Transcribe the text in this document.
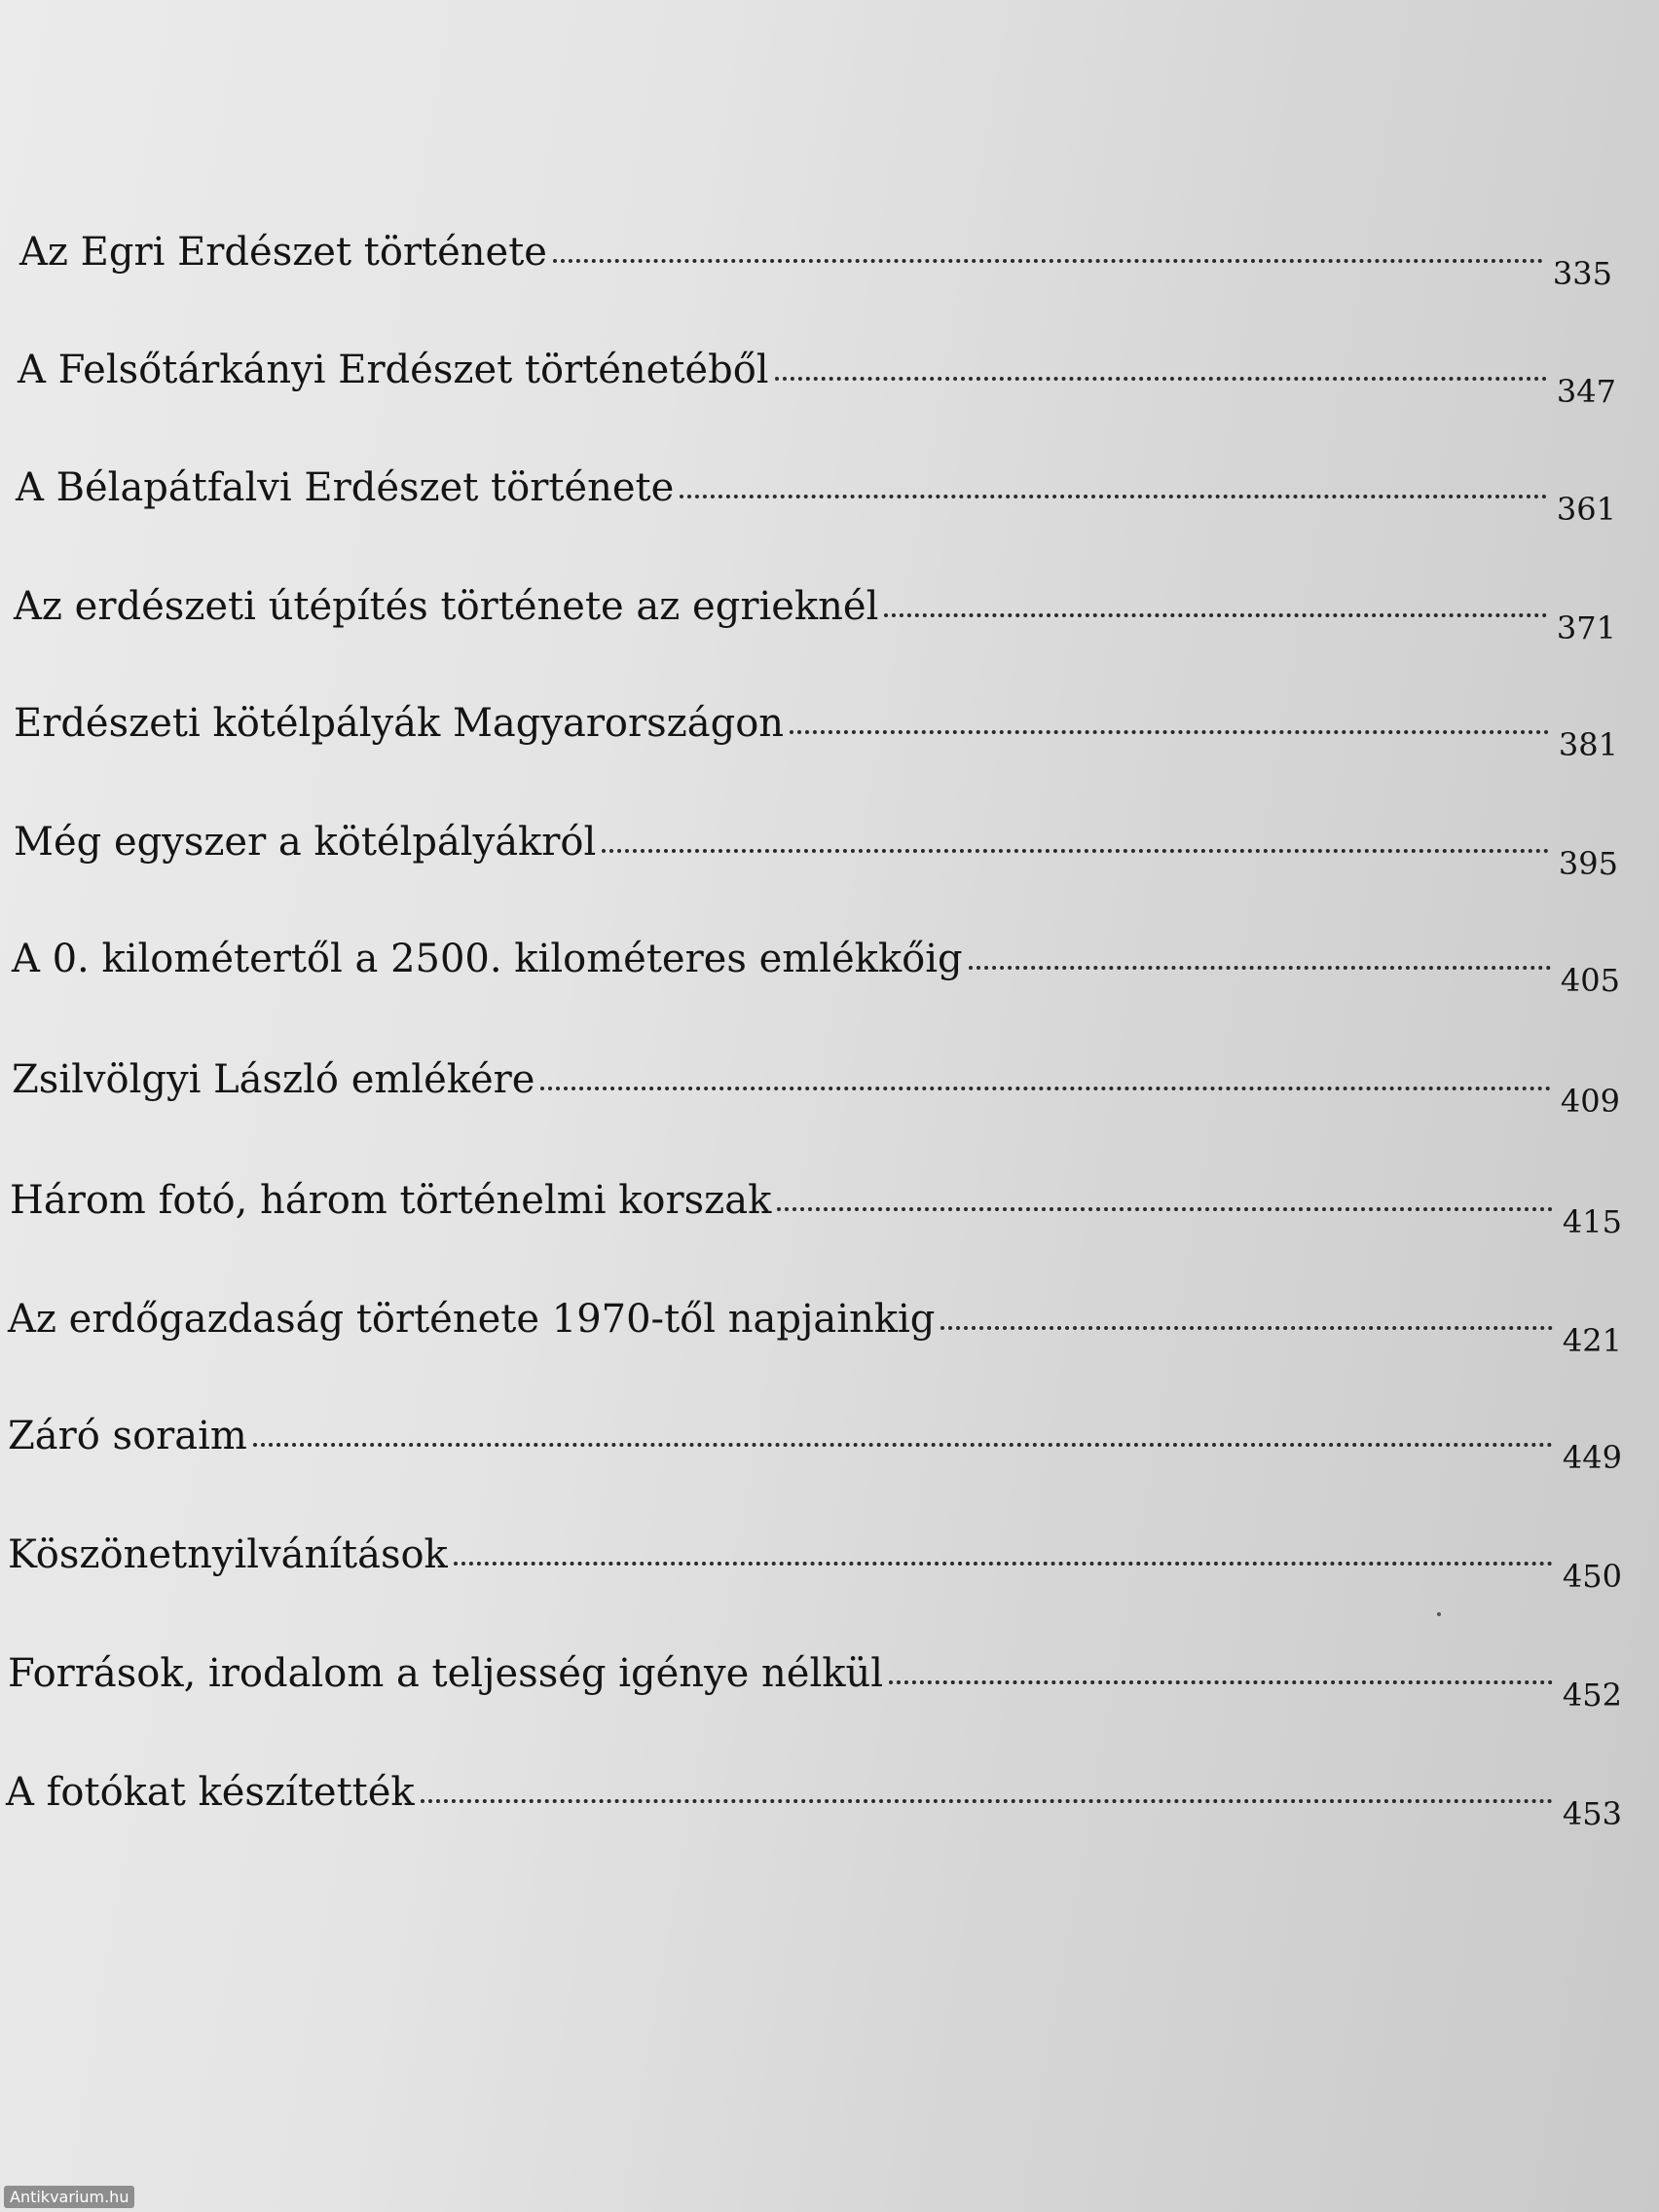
Az Egri Erdészet története	335
A Felsőtárkányi Erdészet történetéből	347
A Bélapátfalvi Erdészet története	361
Az erdészeti útépítés története az egrieknél	371
Erdészeti kötélpályák Magyarországon	381
Még egyszer a kötélpályákról	395
A 0. kilométertől a 2500. kilométeres emlékkőig	405
Zsilvölgyi László emlékére	409
Három fotó, három történelmi korszak	415
Az erdőgazdaság története 1970-től napjainkig	421
Záró soraim	449
Köszönetnyilvánítások	450
Források, irodalom a teljesség igénye nélkül	452
A fotókat készítették	453
Antikvarium.hu
